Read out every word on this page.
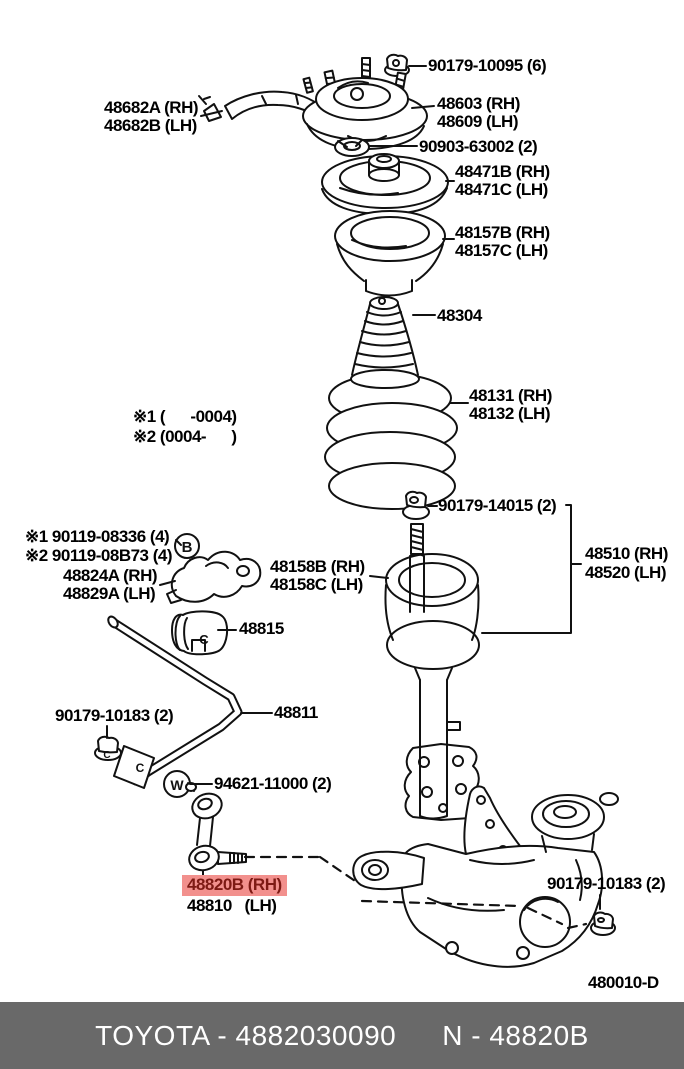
B
C
C
C
W
90179-10095 (6)
48682A (RH)
48682B (LH)
48603 (RH)
48609 (LH)
90903-63002 (2)
48471B (RH)
48471C (LH)
48157B (RH)
48157C (LH)
48304
48131 (RH)
48132 (LH)
※1 (      -0004)
※2 (0004-      )
90179-14015 (2)
※1 90119-08336 (4)
※2 90119-08B73 (4)
48824A (RH)
48829A (LH)
48158B (RH)
48158C (LH)
48510 (RH)
48520 (LH)
48815
48811
90179-10183 (2)
94621-11000 (2)
48820B (RH)
48810   (LH)
90179-10183 (2)
480010-D
TOYOTA - 4882030090 N - 48820B
